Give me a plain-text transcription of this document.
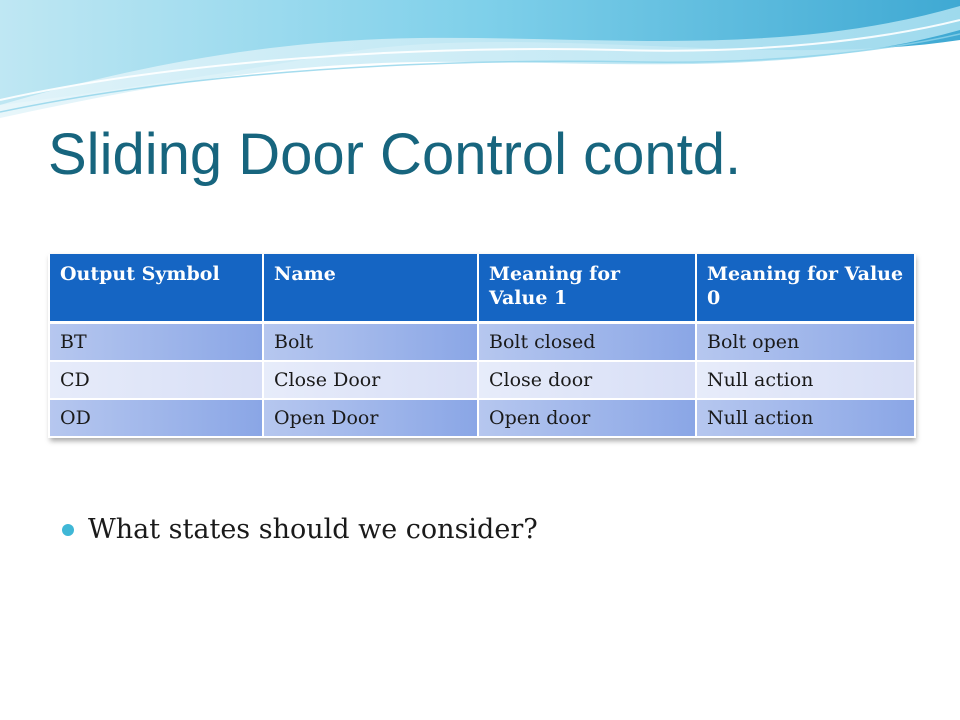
Sliding Door Control contd.
Output Symbol	Name	Meaning for Value 1	Meaning for Value 0
BT	Bolt	Bolt closed	Bolt open
CD	Close Door	Close door	Null action
OD	Open Door	Open door	Null action
What states should we consider?
